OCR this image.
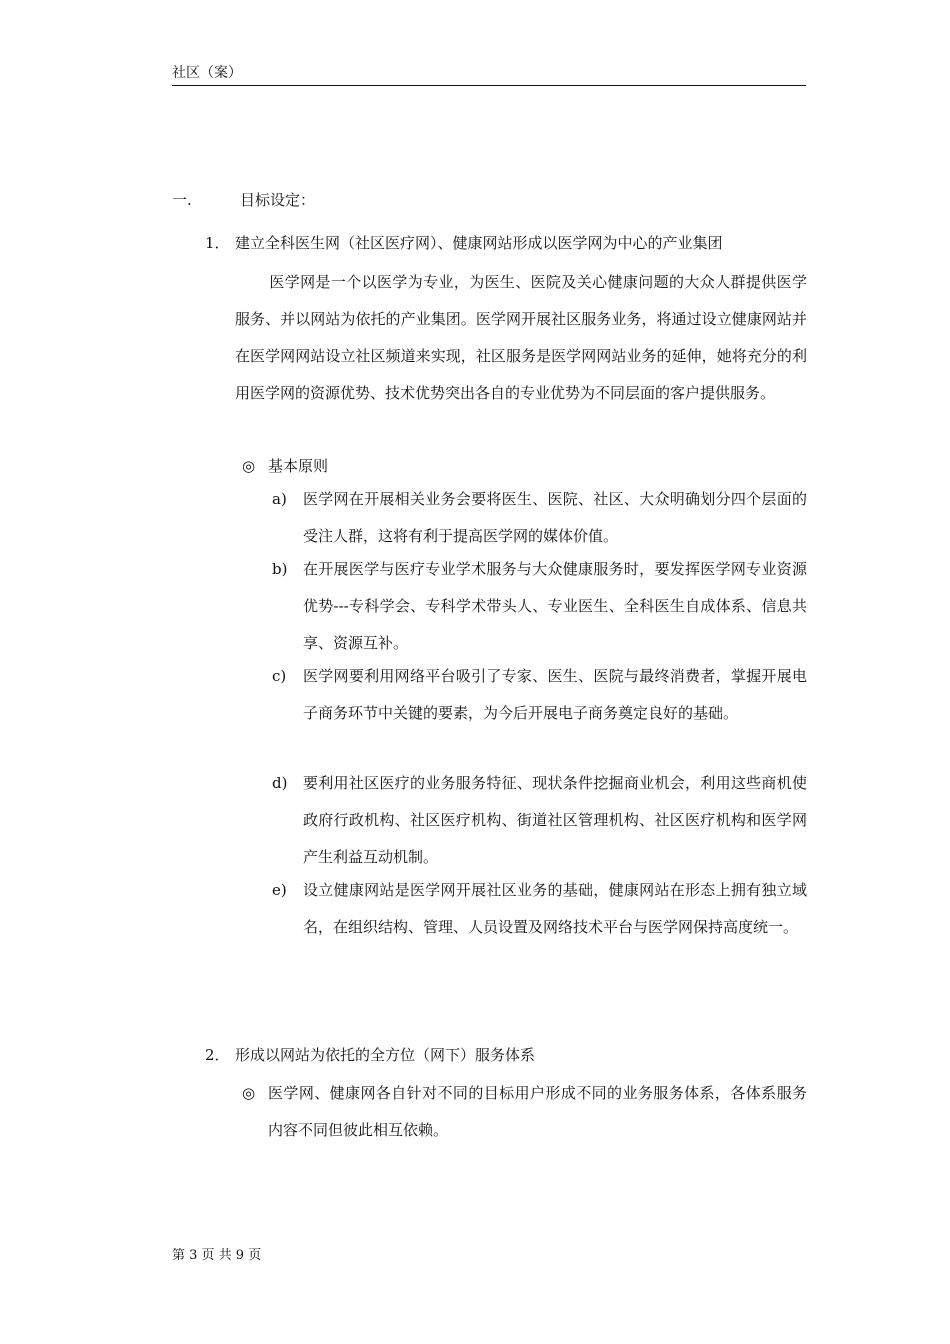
社区（案）
一.	目标设定：
1． 建立全科医生网（社区医疗网）、健康网站形成以医学网为中心的产业集团
医学网是一个以医学为专业，为医生、医院及关心健康问题的大众人群提供医学服务、并以网站为依托的产业集团。医学网开展社区服务业务，将通过设立健康网站并在医学网网站设立社区频道来实现，社区服务是医学网网站业务的延伸，她将充分的利用医学网的资源优势、技术优势突出各自的专业优势为不同层面的客户提供服务。
◎ 基本原则
a)	医学网在开展相关业务会要将医生、医院、社区、大众明确划分四个层面的受注人群，这将有利于提高医学网的媒体价值。
b)	在开展医学与医疗专业学术服务与大众健康服务时，要发挥医学网专业资源优势---专科学会、专科学术带头人、专业医生、全科医生自成体系、信息共享、资源互补。
c)	医学网要利用网络平台吸引了专家、医生、医院与最终消费者，掌握开展电子商务环节中关键的要素，为今后开展电子商务奠定良好的基础。
d)	要利用社区医疗的业务服务特征、现状条件挖掘商业机会，利用这些商机使政府行政机构、社区医疗机构、街道社区管理机构、社区医疗机构和医学网产生利益互动机制。
e)	设立健康网站是医学网开展社区业务的基础，健康网站在形态上拥有独立域名，在组织结构、管理、人员设置及网络技术平台与医学网保持高度统一。
2． 形成以网站为依托的全方位（网下）服务体系
◎ 医学网、健康网各自针对不同的目标用户形成不同的业务服务体系，各体系服务内容不同但彼此相互依赖。
第 3 页 共 9 页
